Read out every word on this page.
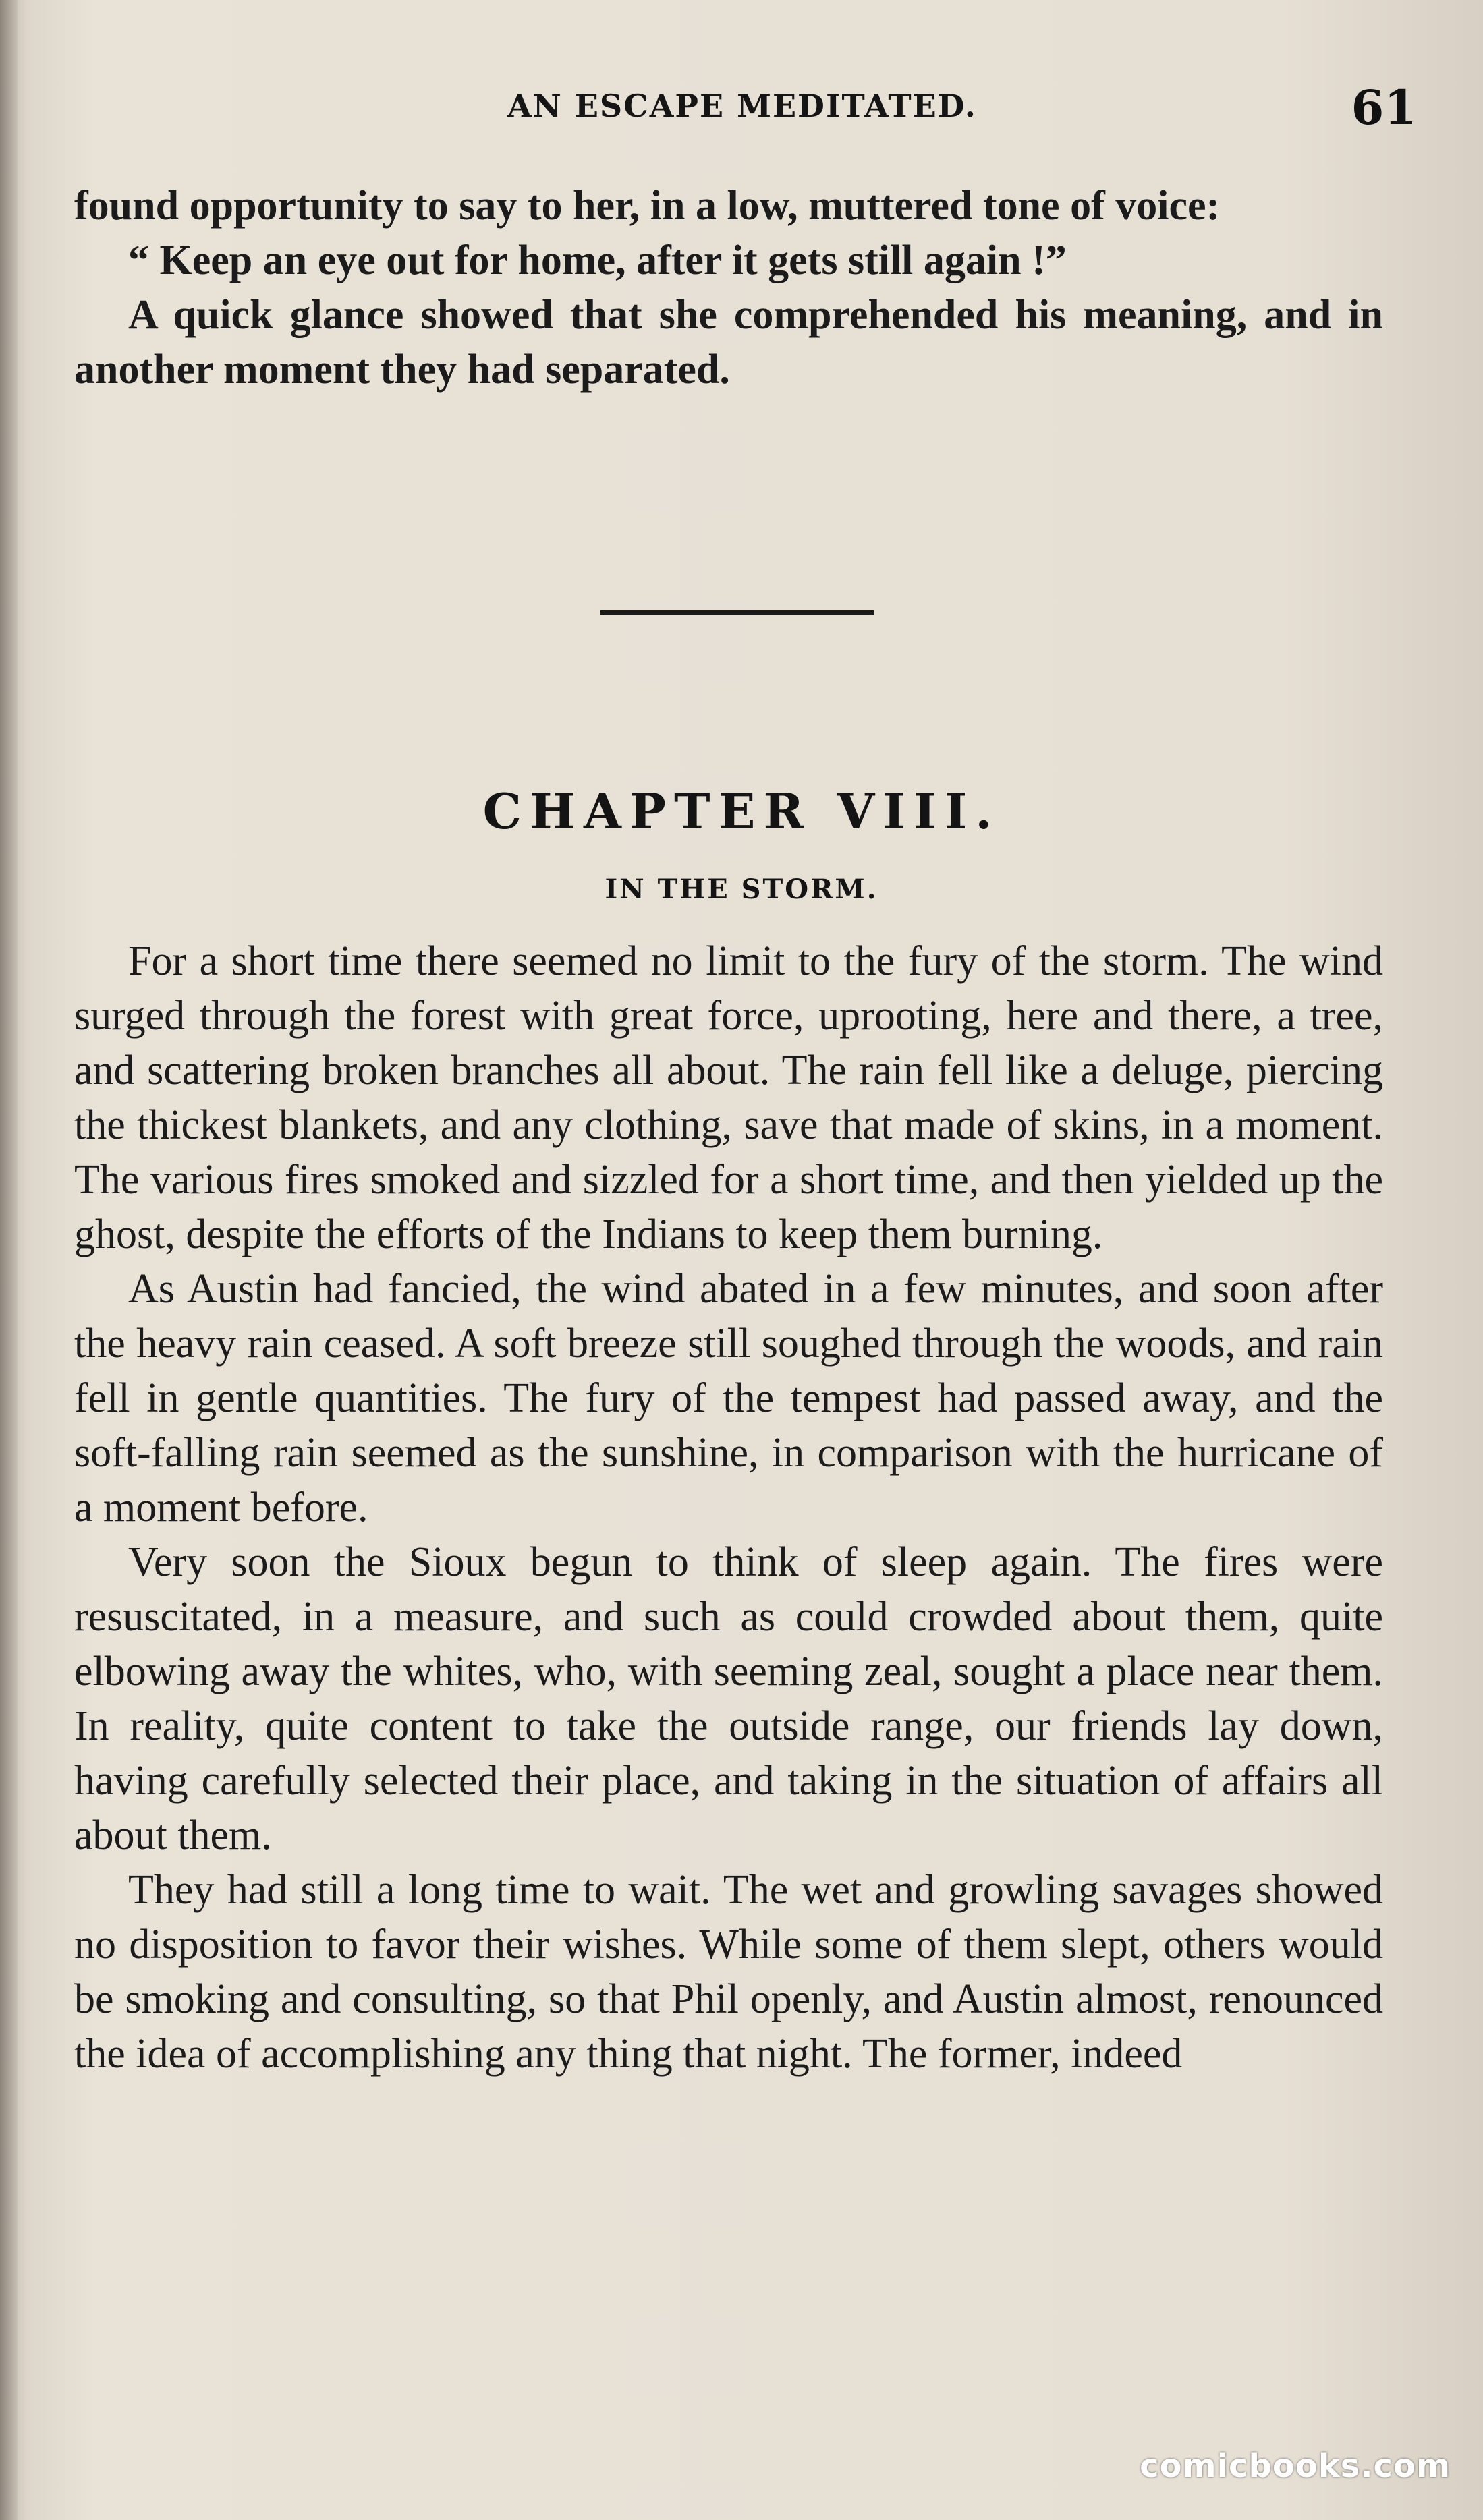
AN ESCAPE MEDITATED.	61

found opportunity to say to her, in a low, muttered tone of voice:

“ Keep an eye out for home, after it gets still again !”

A quick glance showed that she comprehended his meaning, and in another moment they had separated.

CHAPTER VIII.
IN THE STORM.

For a short time there seemed no limit to the fury of the storm. The wind surged through the forest with great force, uprooting, here and there, a tree, and scattering broken branches all about. The rain fell like a deluge, piercing the thickest blankets, and any clothing, save that made of skins, in a moment. The various fires smoked and sizzled for a short time, and then yielded up the ghost, despite the efforts of the Indians to keep them burning.

As Austin had fancied, the wind abated in a few minutes, and soon after the heavy rain ceased. A soft breeze still soughed through the woods, and rain fell in gentle quantities. The fury of the tempest had passed away, and the soft-falling rain seemed as the sunshine, in comparison with the hurricane of a moment before.

Very soon the Sioux begun to think of sleep again. The fires were resuscitated, in a measure, and such as could crowded about them, quite elbowing away the whites, who, with seeming zeal, sought a place near them. In reality, quite content to take the outside range, our friends lay down, having carefully selected their place, and taking in the situation of affairs all about them.

They had still a long time to wait. The wet and growling savages showed no disposition to favor their wishes. While some of them slept, others would be smoking and consulting, so that Phil openly, and Austin almost, renounced the idea of accomplishing any thing that night. The former, indeed

comicbooks.com
